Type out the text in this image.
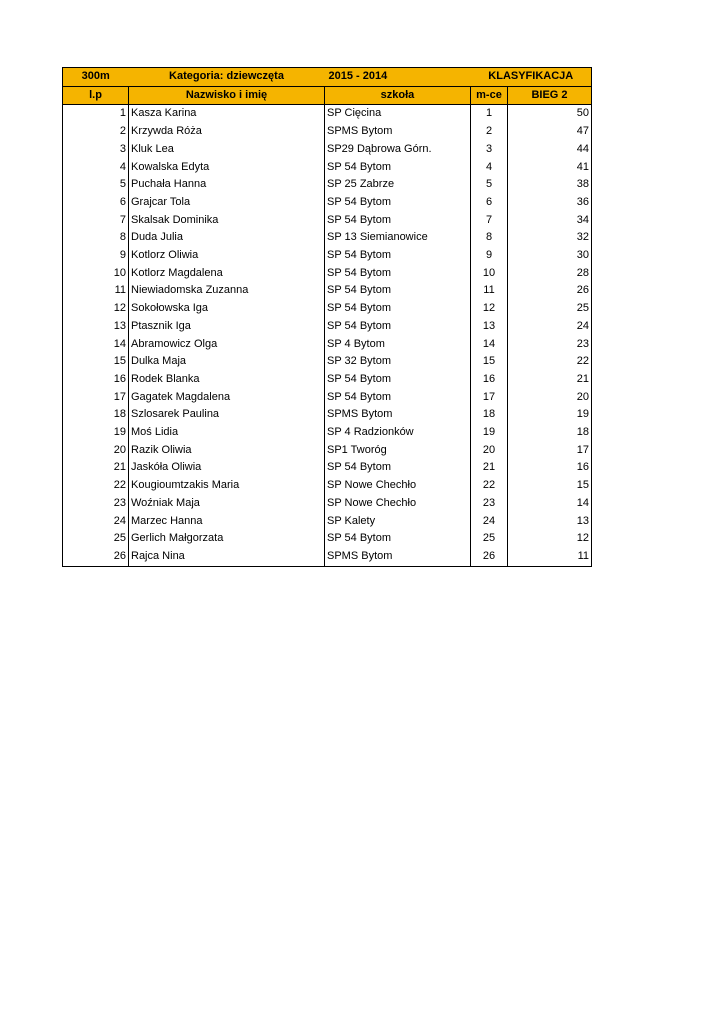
300m	Kategoria: dziewczęta	2015 - 2014	KLASYFIKACJA	
l.p	Nazwisko i imię	szkoła	m-ce	BIEG 2
1	Kasza Karina	SP Cięcina	1	50
2	Krzywda Róża	SPMS Bytom	2	47
3	Kluk Lea	SP29 Dąbrowa Górn.	3	44
4	Kowalska Edyta	SP 54 Bytom	4	41
5	Puchała Hanna	SP 25 Zabrze	5	38
6	Grajcar Tola	SP 54 Bytom	6	36
7	Skalsak Dominika	SP 54 Bytom	7	34
8	Duda Julia	SP 13 Siemianowice	8	32
9	Kotlorz Oliwia	SP 54 Bytom	9	30
10	Kotlorz Magdalena	SP 54 Bytom	10	28
11	Niewiadomska Zuzanna	SP 54 Bytom	11	26
12	Sokołowska Iga	SP 54 Bytom	12	25
13	Ptasznik Iga	SP 54 Bytom	13	24
14	Abramowicz Olga	SP 4 Bytom	14	23
15	Dulka Maja	SP 32 Bytom	15	22
16	Rodek Blanka	SP 54 Bytom	16	21
17	Gagatek Magdalena	SP 54 Bytom	17	20
18	Szlosarek Paulina	SPMS Bytom	18	19
19	Moś Lidia	SP 4 Radzionków	19	18
20	Razik Oliwia	SP1 Tworóg	20	17
21	Jaskóła Oliwia	SP 54 Bytom	21	16
22	Kougioumtzakis Maria	SP Nowe Chechło	22	15
23	Woźniak Maja	SP Nowe Chechło	23	14
24	Marzec Hanna	SP Kalety	24	13
25	Gerlich Małgorzata	SP 54 Bytom	25	12
26	Rajca Nina	SPMS Bytom	26	11
